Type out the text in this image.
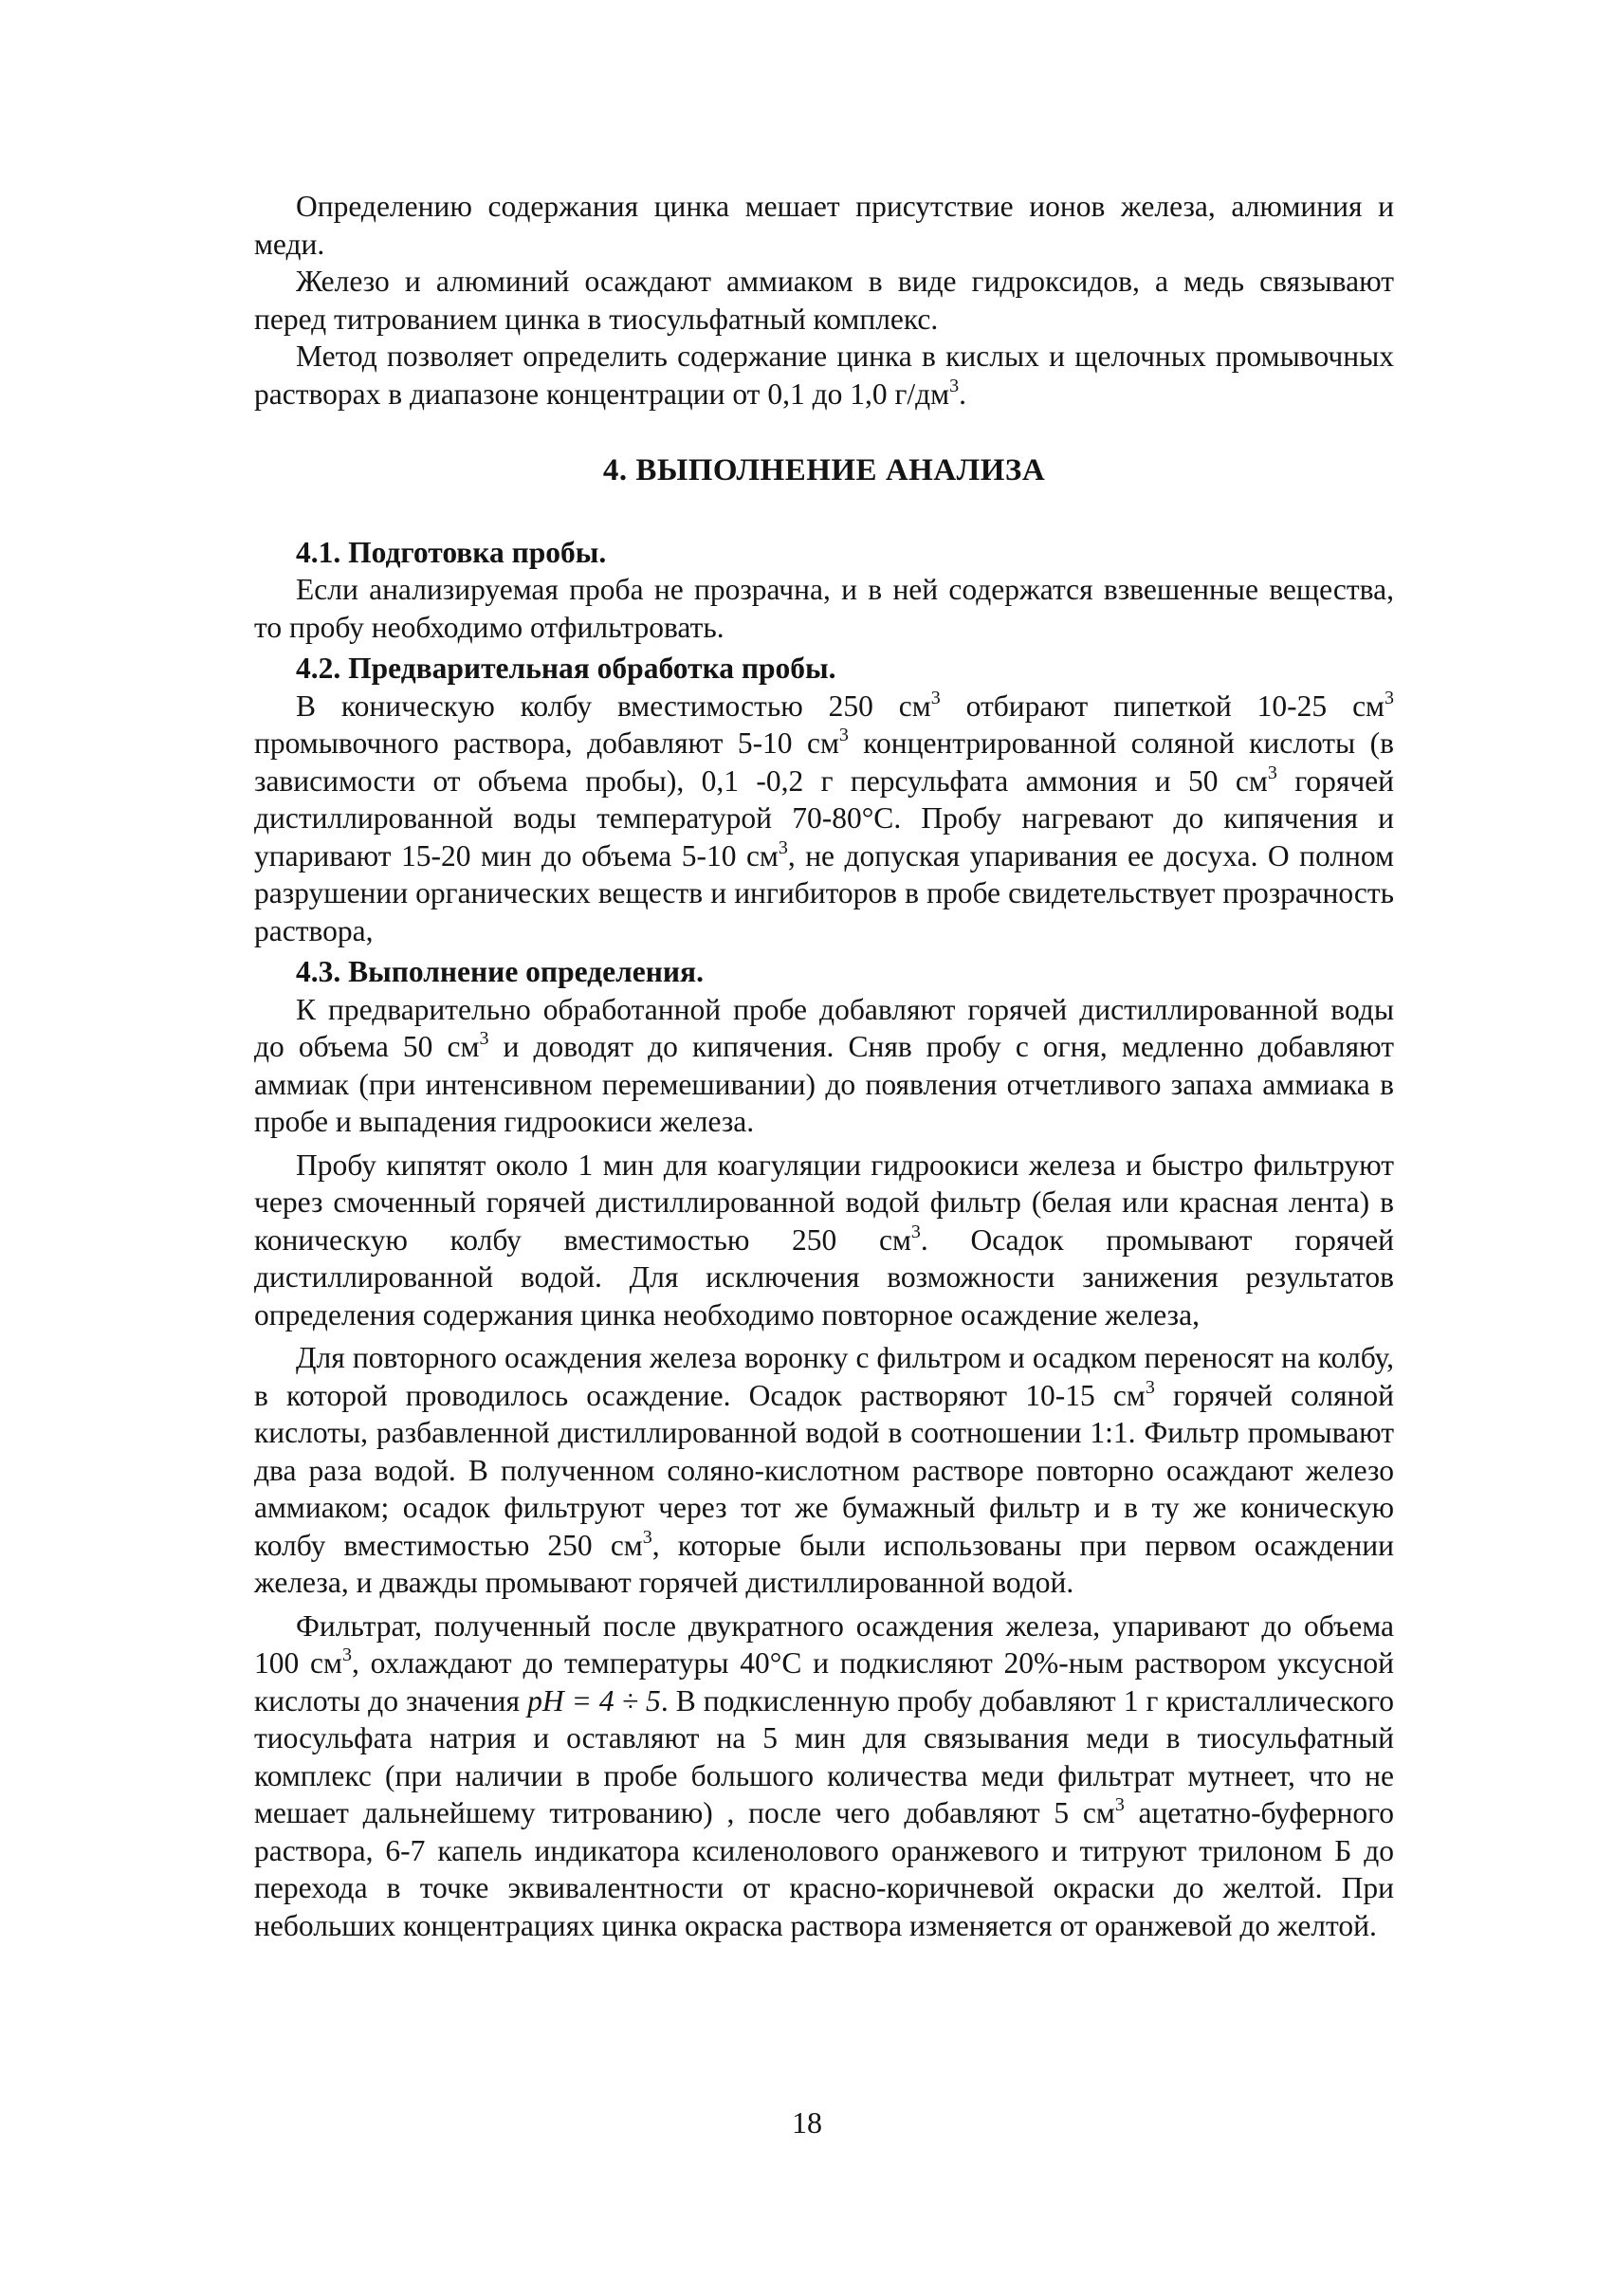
Определению содержания цинка мешает присутствие ионов железа, алюминия и меди.

Железо и алюминий осаждают аммиаком в виде гидроксидов, а медь связывают перед титрованием цинка в тиосульфатный комплекс.

Метод позволяет определить содержание цинка в кислых и щелочных промывочных растворах в диапазоне концентрации от 0,1 до 1,0 $г/дм^3$.

4. ВЫПОЛНЕНИЕ АНАЛИЗА

4.1. Подготовка пробы.

Если анализируемая проба не прозрачна, и в ней содержатся взвешенные вещества, то пробу необходимо отфильтровать.

4.2. Предварительная обработка пробы.

В коническую колбу вместимостью 250 $см^3$ отбирают пипеткой 10-25 $см^3$ промывочного раствора, добавляют 5-10 $см^3$ концентрированной соляной кислоты (в зависимости от объема пробы), 0,1 -0,2 г персульфата аммония и 50 $см^3$ горячей дистиллированной воды температурой 70-80°С. Пробу нагревают до кипячения и упаривают 15-20 мин до объема 5-10 $см^3$, не допуская упаривания ее досуха. О полном разрушении органических веществ и ингибиторов в пробе свидетельствует прозрачность раствора,

4.3. Выполнение определения.

К предварительно обработанной пробе добавляют горячей дистиллированной воды до объема 50 $см^3$ и доводят до кипячения. Сняв пробу с огня, медленно добавляют аммиак (при интенсивном перемешивании) до появления отчетливого запаха аммиака в пробе и выпадения гидроокиси железа.

Пробу кипятят около 1 мин для коагуляции гидроокиси железа и быстро фильтруют через смоченный горячей дистиллированной водой фильтр (белая или красная лента) в коническую колбу вместимостью 250 $см^3$. Осадок промывают горячей дистиллированной водой. Для исключения возможности занижения результатов определения содержания цинка необходимо повторное осаждение железа,

Для повторного осаждения железа воронку с фильтром и осадком переносят на колбу, в которой проводилось осаждение. Осадок растворяют 10-15 $см^3$ горячей соляной кислоты, разбавленной дистиллированной водой в соотношении 1:1. Фильтр промывают два раза водой. В полученном соляно-кислотном растворе повторно осаждают железо аммиаком; осадок фильтруют через тот же бумажный фильтр и в ту же коническую колбу вместимостью 250 $см^3$, которые были использованы при первом осаждении железа, и дважды промывают горячей дистиллированной водой.

Фильтрат, полученный после двукратного осаждения железа, упаривают до объема 100 $см^3$, охлаждают до температуры 40°С и подкисляют 20%-ным раствором уксусной кислоты до значения pH = 4 ÷ 5. В подкисленную пробу добавляют 1 г кристаллического тиосульфата натрия и оставляют на 5 мин для связывания меди в тиосульфатный комплекс (при наличии в пробе большого количества меди фильтрат мутнеет, что не мешает дальнейшему титрованию) , после чего добавляют 5 $см^3$ ацетатно-буферного раствора, 6-7 капель индикатора ксиленолового оранжевого и титруют трилоном Б до перехода в точке эквивалентности от красно-коричневой окраски до желтой. При небольших концентрациях цинка окраска раствора изменяется от оранжевой до желтой.

18
